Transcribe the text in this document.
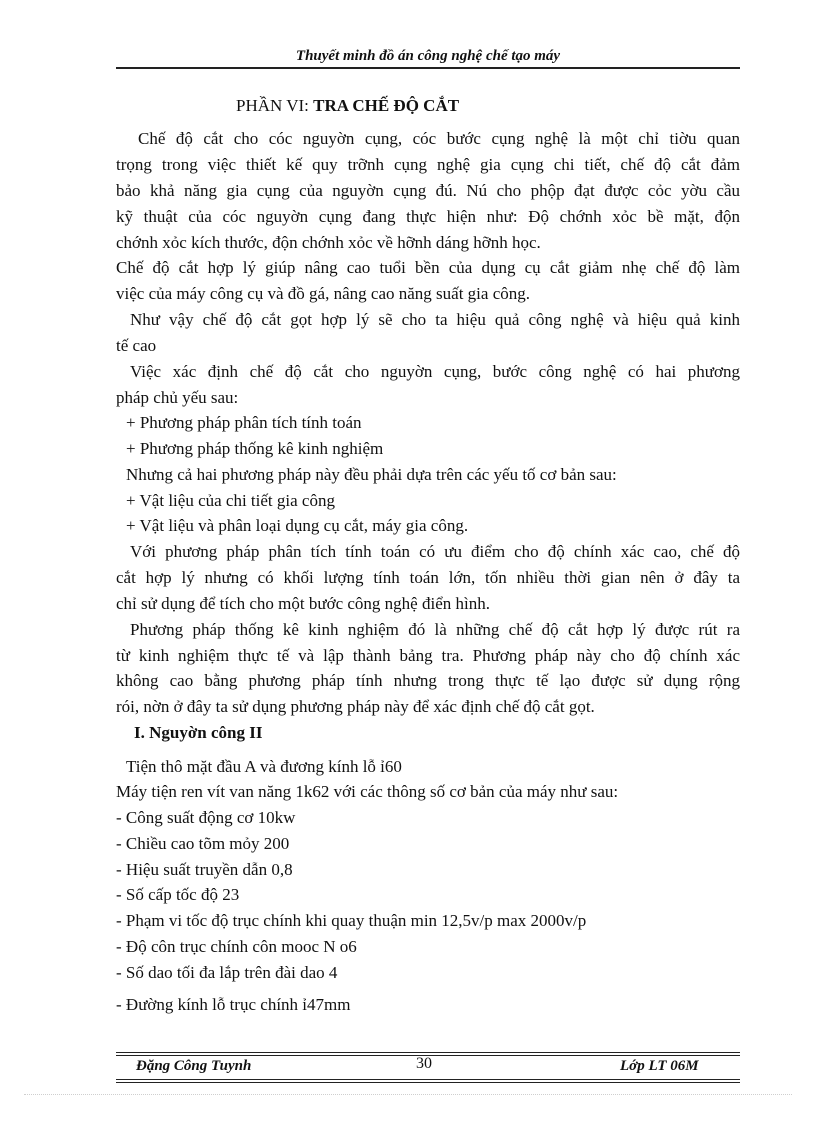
Thuyết minh đồ án công nghệ chế tạo máy
PHẦN VI: TRA CHẾ ĐỘ CẮT
Chế độ cắt cho cóc nguyờn cụng, cóc bước cụng nghệ là một chỉ tiờu quan
trọng trong việc thiết kế quy trỡnh cụng nghệ gia cụng chi tiết, chế độ cắt đảm
bảo khả năng gia cụng của nguyờn cụng đú. Nú cho phộp đạt được cỏc yờu cầu
kỹ thuật của cóc nguyờn cụng đang thực hiện như: Độ chớnh xỏc bề mặt, độn
chớnh xỏc kích thước, độn chớnh xỏc về hỡnh dáng hỡnh học.
Chế độ cắt hợp lý giúp nâng cao tuổi bền của dụng cụ cắt giảm nhẹ chế độ làm
việc của máy công cụ và đồ gá, nâng cao năng suất gia công.
Như vậy chế độ cắt gọt hợp lý sẽ cho ta hiệu quả công nghệ và hiệu quả kinh
tế cao
Việc xác định chế độ cắt cho nguyờn cụng, bước công nghệ có hai phương
pháp chủ yếu sau:
+ Phương pháp phân tích tính toán
+ Phương pháp thống kê kinh nghiệm
Nhưng cả hai phương pháp này đều phải dựa trên các yếu tố cơ bản sau:
+ Vật liệu của chi tiết gia công
+ Vật liệu và phân loại dụng cụ cắt, máy gia công.
Với phương pháp phân tích tính toán có ưu điểm cho độ chính xác cao, chế độ
cắt hợp lý nhưng có khối lượng tính toán lớn, tốn nhiều thời gian nên ở đây ta
chỉ sử dụng để tích cho một bước công nghệ điển hình.
Phương pháp thống kê kinh nghiệm đó là những chế độ cắt hợp lý được rút ra
từ kinh nghiệm thực tế và lập thành bảng tra. Phương pháp này cho độ chính xác
không cao bằng phương pháp tính nhưng trong thực tế lạo được sử dụng rộng
rói, nờn ở đây ta sử dụng phương pháp này để xác định chế độ cắt gọt.
I. Nguyờn công II
Tiện thô mặt đầu A và đương kính lỗ ỉ60
Máy tiện ren vít van năng 1k62 với các thông số cơ bản của máy như sau:
- Công suất động cơ 10kw
- Chiều cao tõm mỏy 200
- Hiệu suất truyền dẫn 0,8
- Số cấp tốc độ 23
- Phạm vi tốc độ trục chính khi quay thuận min 12,5v/p max 2000v/p
- Độ côn trục chính côn mooc N o6
- Số dao tối đa lắp trên đài dao 4
- Đường kính lỗ trục chính ỉ47mm
Đặng Công Tuynh	30	Lớp LT 06M
